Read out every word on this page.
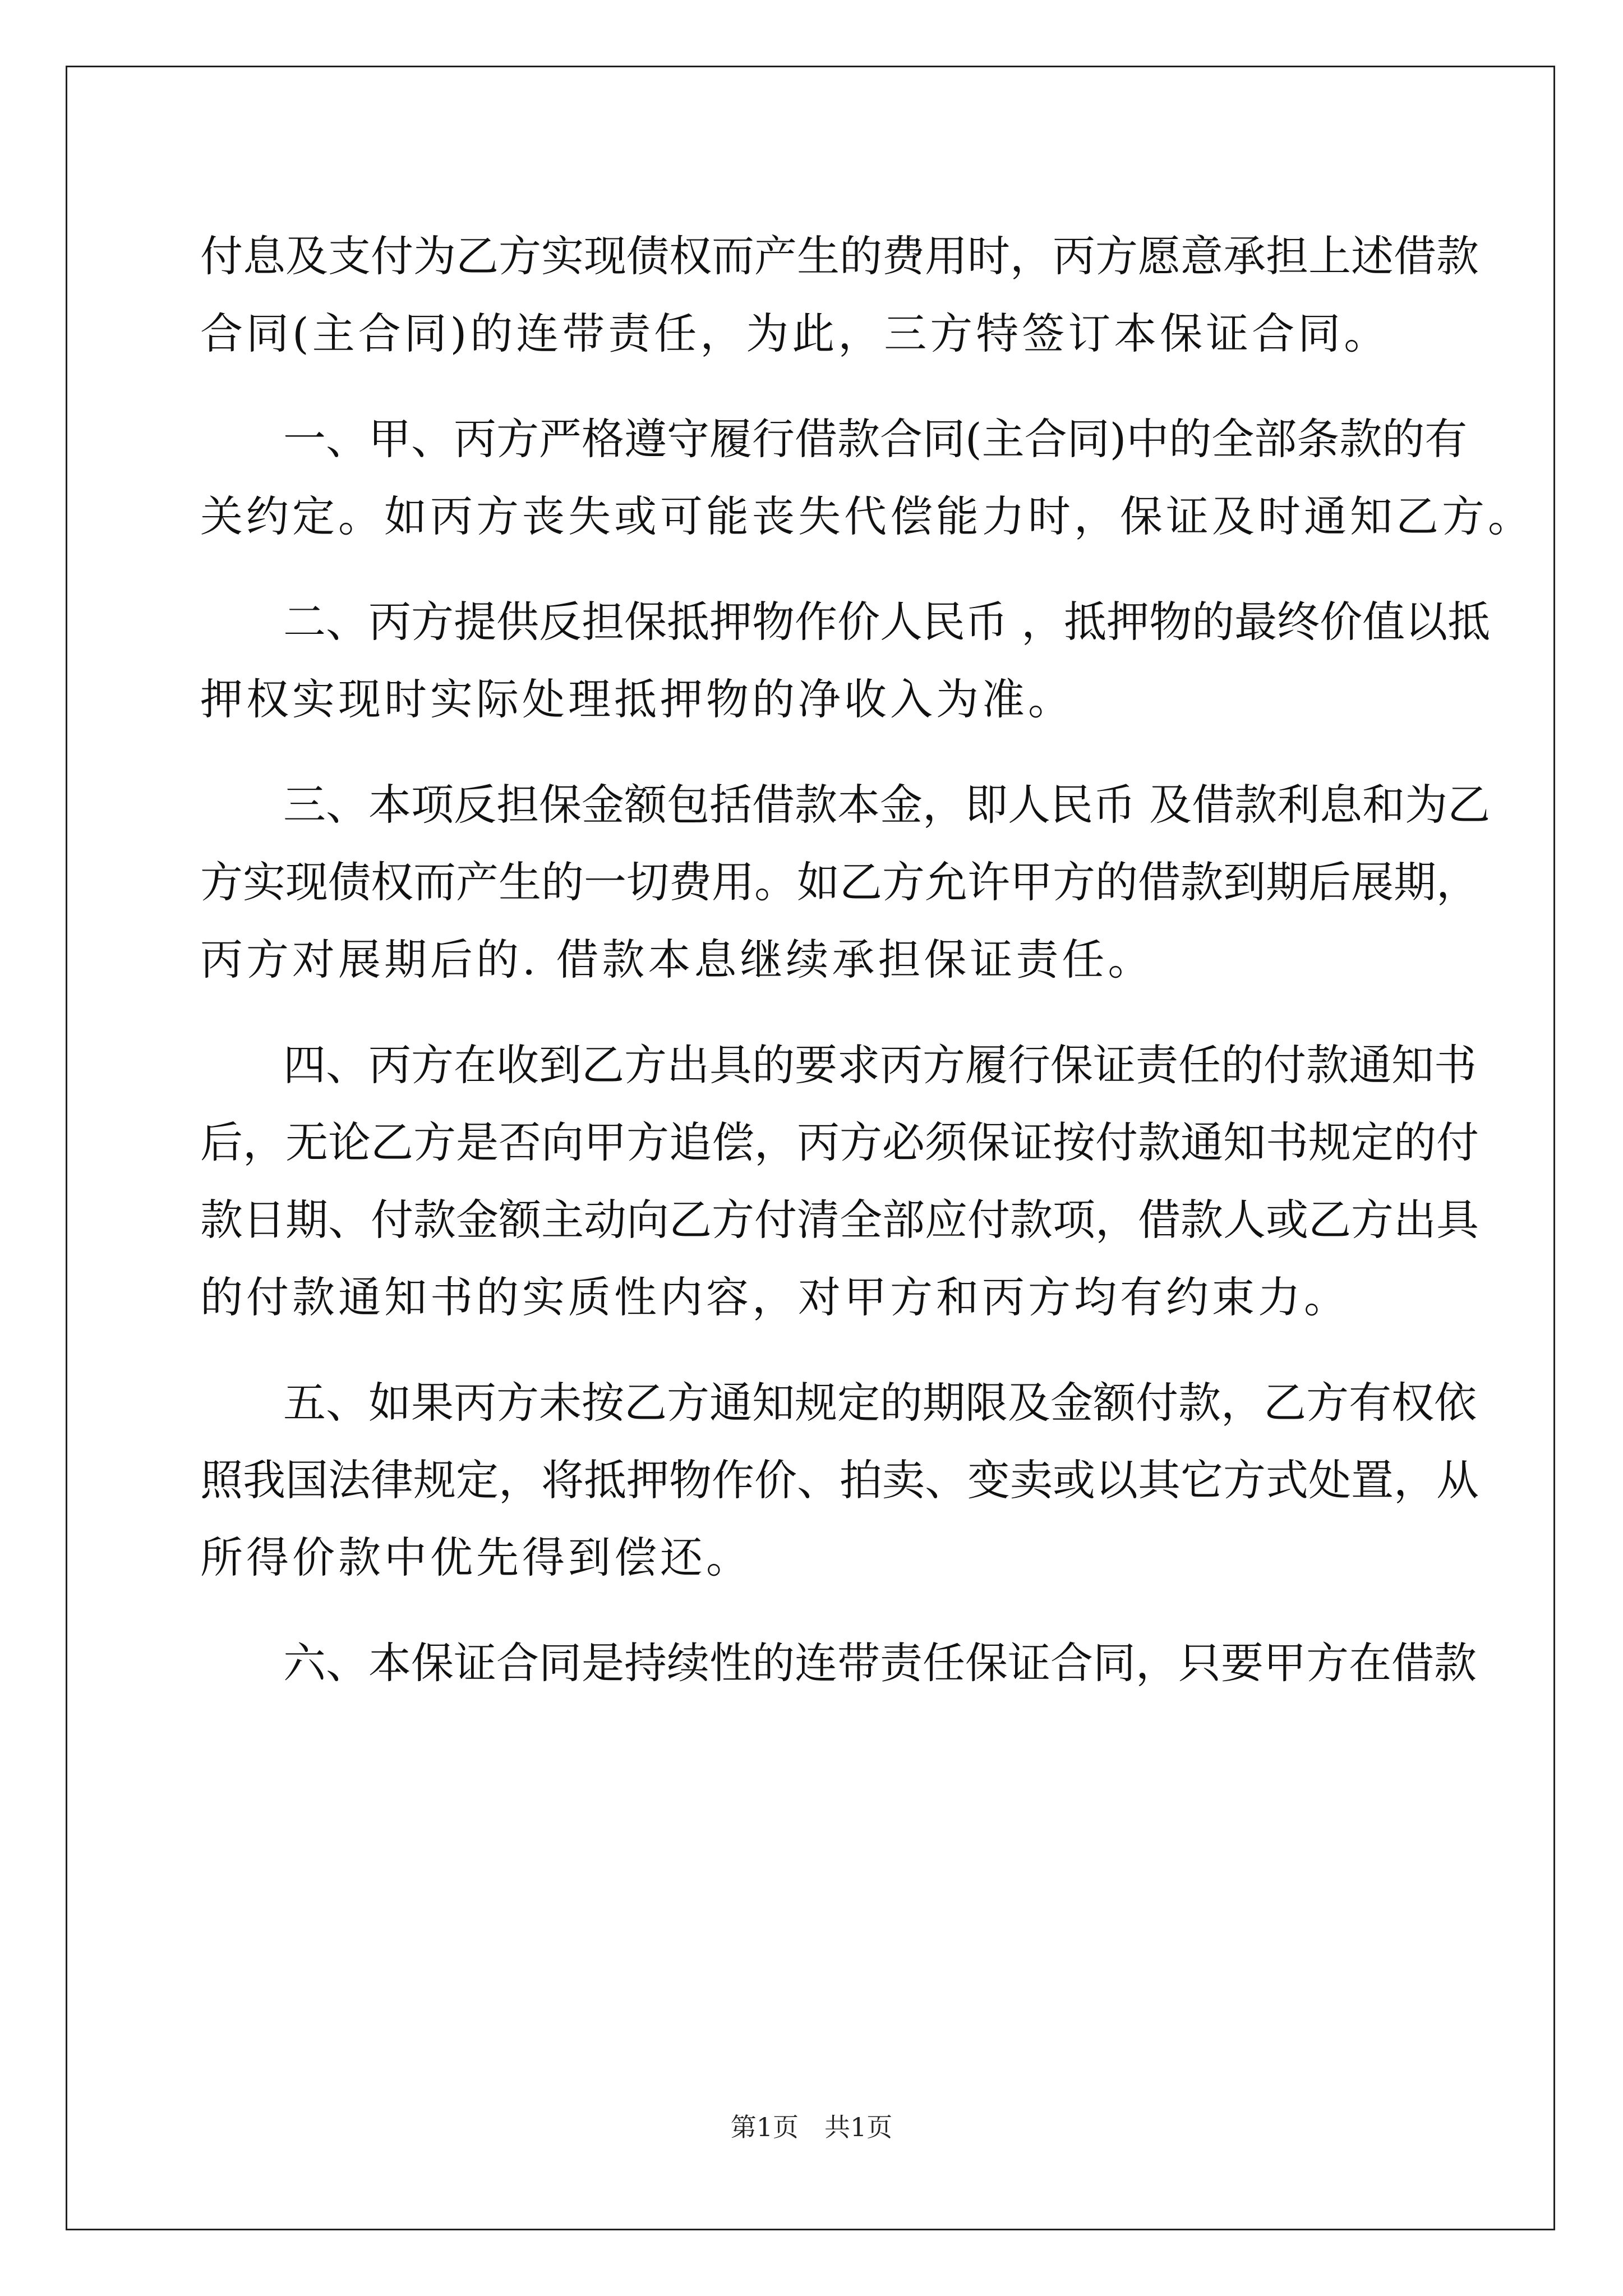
付息及支付为乙方实现债权而产生的费用时，丙方愿意承担上述借款
合同(主合同)的连带责任，为此，三方特签订本保证合同。
一、甲、丙方严格遵守履行借款合同(主合同)中的全部条款的有
关约定。如丙方丧失或可能丧失代偿能力时，保证及时通知乙方。
二、丙方提供反担保抵押物作价人民币 ，抵押物的最终价值以抵
押权实现时实际处理抵押物的净收入为准。
三、本项反担保金额包括借款本金，即人民币 及借款利息和为乙
方实现债权而产生的一切费用。如乙方允许甲方的借款到期后展期，
丙方对展期后的. 借款本息继续承担保证责任。
四、丙方在收到乙方出具的要求丙方履行保证责任的付款通知书
后，无论乙方是否向甲方追偿，丙方必须保证按付款通知书规定的付
款日期、付款金额主动向乙方付清全部应付款项，借款人或乙方出具
的付款通知书的实质性内容，对甲方和丙方均有约束力。
五、如果丙方未按乙方通知规定的期限及金额付款，乙方有权依
照我国法律规定，将抵押物作价、拍卖、变卖或以其它方式处置，从
所得价款中优先得到偿还。
六、本保证合同是持续性的连带责任保证合同，只要甲方在借款
第1页 共1页
